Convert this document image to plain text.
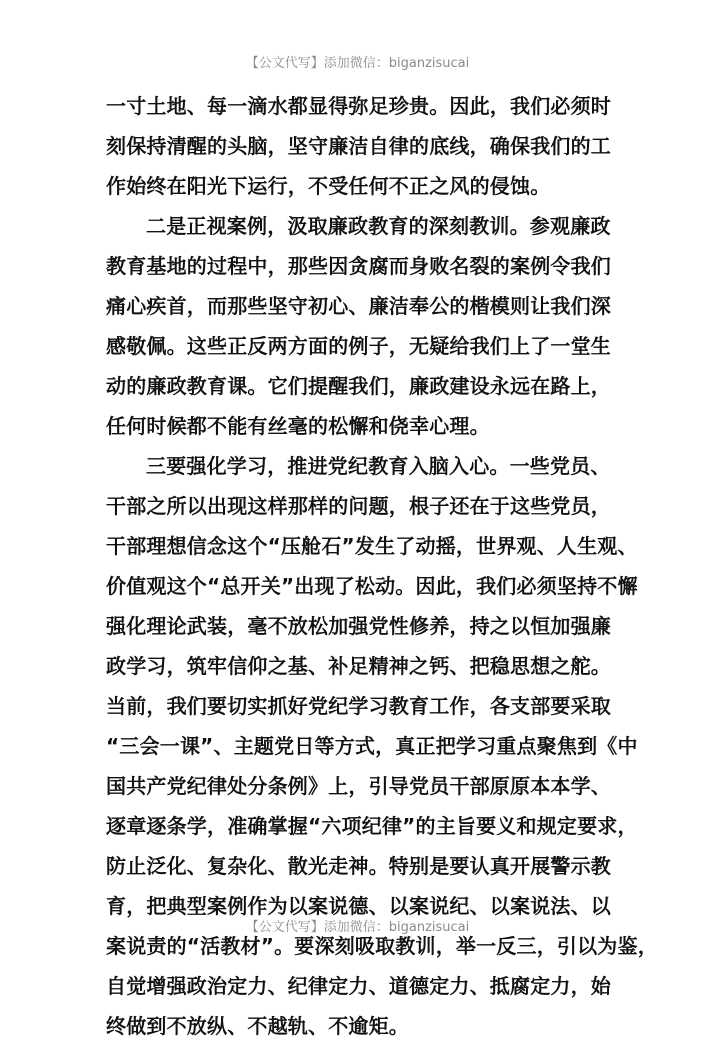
【公文代写】添加微信：biganzisucai
一寸土地、每一滴水都显得弥足珍贵。因此，我们必须时
刻保持清醒的头脑，坚守廉洁自律的底线，确保我们的工
作始终在阳光下运行，不受任何不正之风的侵蚀。
二是正视案例，汲取廉政教育的深刻教训。参观廉政
教育基地的过程中，那些因贪腐而身败名裂的案例令我们
痛心疾首，而那些坚守初心、廉洁奉公的楷模则让我们深
感敬佩。这些正反两方面的例子，无疑给我们上了一堂生
动的廉政教育课。它们提醒我们，廉政建设永远在路上，
任何时候都不能有丝毫的松懈和侥幸心理。
三要强化学习，推进党纪教育入脑入心。一些党员、
干部之所以出现这样那样的问题，根子还在于这些党员，
干部理想信念这个“压舱石”发生了动摇，世界观、人生观、
价值观这个“总开关”出现了松动。因此，我们必须坚持不懈
强化理论武装，毫不放松加强党性修养，持之以恒加强廉
政学习，筑牢信仰之基、补足精神之钙、把稳思想之舵。
当前，我们要切实抓好党纪学习教育工作，各支部要采取
“三会一课”、主题党日等方式，真正把学习重点聚焦到《中
国共产党纪律处分条例》上，引导党员干部原原本本学、
逐章逐条学，准确掌握“六项纪律”的主旨要义和规定要求，
防止泛化、复杂化、散光走神。特别是要认真开展警示教
育，把典型案例作为以案说德、以案说纪、以案说法、以
案说责的“活教材”。要深刻吸取教训，举一反三，引以为鉴，
自觉增强政治定力、纪律定力、道德定力、抵腐定力，始
终做到不放纵、不越轨、不逾矩。
【公文代写】添加微信：biganzisucai
